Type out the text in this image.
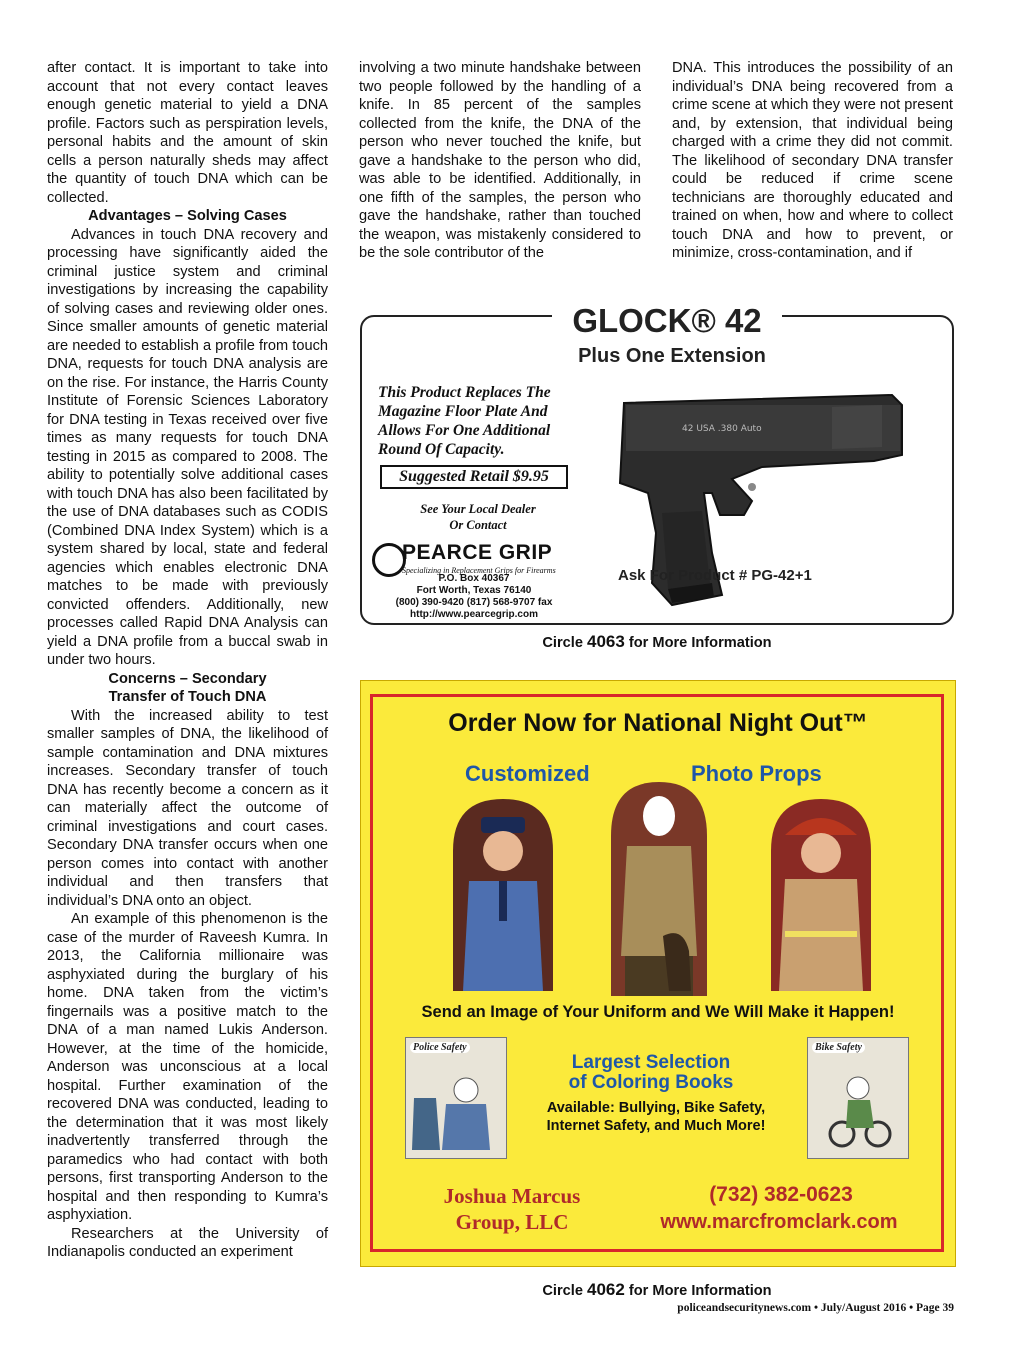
after contact. It is important to take into account that not every contact leaves enough genetic material to yield a DNA profile. Factors such as perspiration levels, personal habits and the amount of skin cells a person naturally sheds may affect the quantity of touch DNA which can be collected.

Advantages – Solving Cases

Advances in touch DNA recovery and processing have significantly aided the criminal justice system and criminal investigations by increasing the capability of solving cases and reviewing older ones. Since smaller amounts of genetic material are needed to establish a profile from touch DNA, requests for touch DNA analysis are on the rise. For instance, the Harris County Institute of Forensic Sciences Laboratory for DNA testing in Texas received over five times as many requests for touch DNA testing in 2015 as compared to 2008. The ability to potentially solve additional cases with touch DNA has also been facilitated by the use of DNA databases such as CODIS (Combined DNA Index System) which is a system shared by local, state and federal agencies which enables electronic DNA matches to be made with previously convicted offenders. Additionally, new processes called Rapid DNA Analysis can yield a DNA profile from a buccal swab in under two hours.

Concerns – Secondary
Transfer of Touch DNA

With the increased ability to test smaller samples of DNA, the likelihood of sample contamination and DNA mixtures increases. Secondary transfer of touch DNA has recently become a concern as it can materially affect the outcome of criminal investigations and court cases. Secondary DNA transfer occurs when one person comes into contact with another individual and then transfers that individual’s DNA onto an object.

An example of this phenomenon is the case of the murder of Raveesh Kumra. In 2013, the California millionaire was asphyxiated during the burglary of his home. DNA taken from the victim’s fingernails was a positive match to the DNA of a man named Lukis Anderson. However, at the time of the homicide, Anderson was unconscious at a local hospital. Further examination of the recovered DNA was conducted, leading to the determination that it was most likely inadvertently transferred through the paramedics who had contact with both persons, first transporting Anderson to the hospital and then responding to Kumra’s asphyxiation.

Researchers at the University of Indianapolis conducted an experiment

involving a two minute handshake between two people followed by the handling of a knife. In 85 percent of the samples collected from the knife, the DNA of the person who never touched the knife, but gave a handshake to the person who did, was able to be identified. Additionally, in one fifth of the samples, the person who gave the handshake, rather than touched the weapon, was mistakenly considered to be the sole contributor of the

DNA. This introduces the possibility of an individual’s DNA being recovered from a crime scene at which they were not present and, by extension, that individual being charged with a crime they did not commit. The likelihood of secondary DNA transfer could be reduced if crime scene technicians are thoroughly educated and trained on when, how and where to collect touch DNA and how to prevent, or minimize, cross-contamination, and if

GLOCK® 42
Plus One Extension
This Product Replaces The Magazine Floor Plate And Allows For One Additional Round Of Capacity.
Suggested Retail $9.95
See Your Local Dealer
Or Contact
PEARCE GRIP
Specializing in Replacement Grips for Firearms
P.O. Box 40367
Fort Worth, Texas 76140
(800) 390-9420 (817) 568-9707 fax
http://www.pearcegrip.com
42 USA .380 Auto
Ask For Product # PG-42+1
Circle 4063 for More Information
Order Now for National Night Out™
Customized	Photo Props
Send an Image of Your Uniform and We Will Make it Happen!
Police Safety	Bike Safety
Largest Selection
of Coloring Books
Available: Bullying, Bike Safety,
Internet Safety, and Much More!
Joshua Marcus
Group, LLC
(732) 382-0623
www.marcfromclark.com
Circle 4062 for More Information
policeandsecuritynews.com • July/August 2016 • Page 39
